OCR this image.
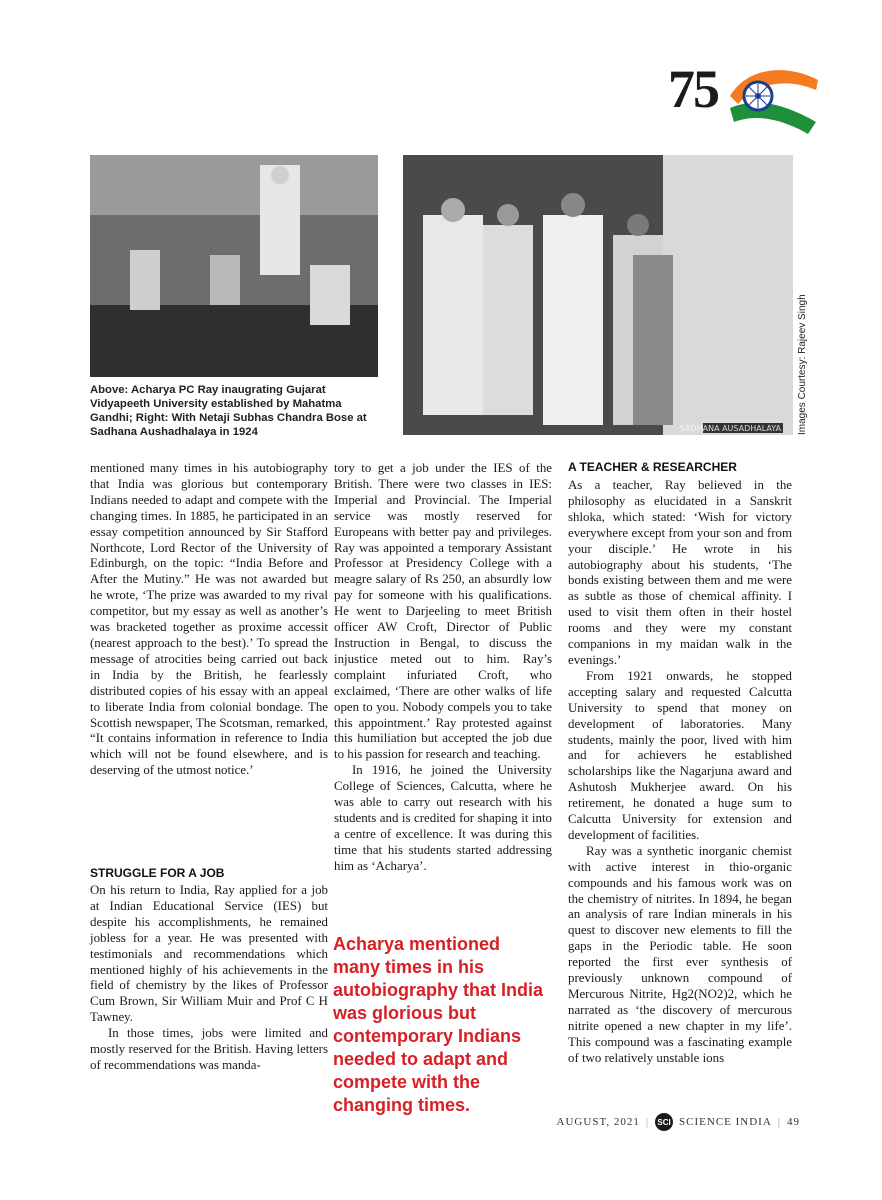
75
SADHANA AUSADHALAYA Images Courtesy: Rajeev Singh
Above: Acharya PC Ray inaugrating Gujarat Vidyapeeth University established by Mahatma Gandhi; Right: With Netaji Subhas Chandra Bose at Sadhana Aushadhalaya in 1924

mentioned many times in his autobiography that India was glorious but contemporary Indians needed to adapt and compete with the changing times. In 1885, he participated in an essay competition announced by Sir Stafford Northcote, Lord Rector of the University of Edinburgh, on the topic: “India Before and After the Mutiny.” He was not awarded but he wrote, ‘The prize was awarded to my rival competitor, but my essay as well as another’s was bracketed together as proxime accessit (nearest approach to the best).’ To spread the message of atrocities being carried out back in India by the British, he fearlessly distributed copies of his essay with an appeal to liberate India from colonial bondage. The Scottish newspaper, The Scotsman, remarked, “It contains information in reference to India which will not be found elsewhere, and is deserving of the utmost notice.’

STRUGGLE FOR A JOB

On his return to India, Ray applied for a job at Indian Educational Service (IES) but despite his accomplishments, he remained jobless for a year. He was presented with testimonials and recommendations which mentioned highly of his achievements in the field of chemistry by the likes of Professor Cum Brown, Sir William Muir and Prof C H Tawney.

In those times, jobs were limited and mostly reserved for the British. Having letters of recommendations was manda-

tory to get a job under the IES of the British. There were two classes in IES: Imperial and Provincial. The Imperial service was mostly reserved for Europeans with better pay and privileges. Ray was appointed a temporary Assistant Professor at Presidency College with a meagre salary of Rs 250, an absurdly low pay for someone with his qualifications. He went to Darjeeling to meet British officer AW Croft, Director of Public Instruction in Bengal, to discuss the injustice meted out to him. Ray’s complaint infuriated Croft, who exclaimed, ‘There are other walks of life open to you. Nobody compels you to take this appointment.’ Ray protested against this humiliation but accepted the job due to his passion for research and teaching.

In 1916, he joined the University College of Sciences, Calcutta, where he was able to carry out research with his students and is credited for shaping it into a centre of excellence. It was during this time that his students started addressing him as ‘Acharya’.

Acharya mentioned many times in his autobiography that India was glorious but contemporary Indians needed to adapt and compete with the changing times.
A TEACHER & RESEARCHER

As a teacher, Ray believed in the philosophy as elucidated in a Sanskrit shloka, which stated: ‘Wish for victory everywhere except from your son and from your disciple.’ He wrote in his autobiography about his students, ‘The bonds existing between them and me were as subtle as those of chemical affinity. I used to visit them often in their hostel rooms and they were my constant companions in my maidan walk in the evenings.’

From 1921 onwards, he stopped accepting salary and requested Calcutta University to spend that money on development of laboratories. Many students, mainly the poor, lived with him and for achievers he established scholarships like the Nagarjuna award and Ashutosh Mukherjee award. On his retirement, he donated a huge sum to Calcutta University for extension and development of facilities.

Ray was a synthetic inorganic chemist with active interest in thio-organic compounds and his famous work was on the chemistry of nitrites. In 1894, he began an analysis of rare Indian minerals in his quest to discover new elements to fill the gaps in the Periodic table. He soon reported the first ever synthesis of previously unknown compound of Mercurous Nitrite, Hg2(NO2)2, which he narrated as ‘the discovery of mercurous nitrite opened a new chapter in my life’. This compound was a fascinating example of two relatively unstable ions

AUGUST, 2021 | SCI SCIENCE INDIA | 49
